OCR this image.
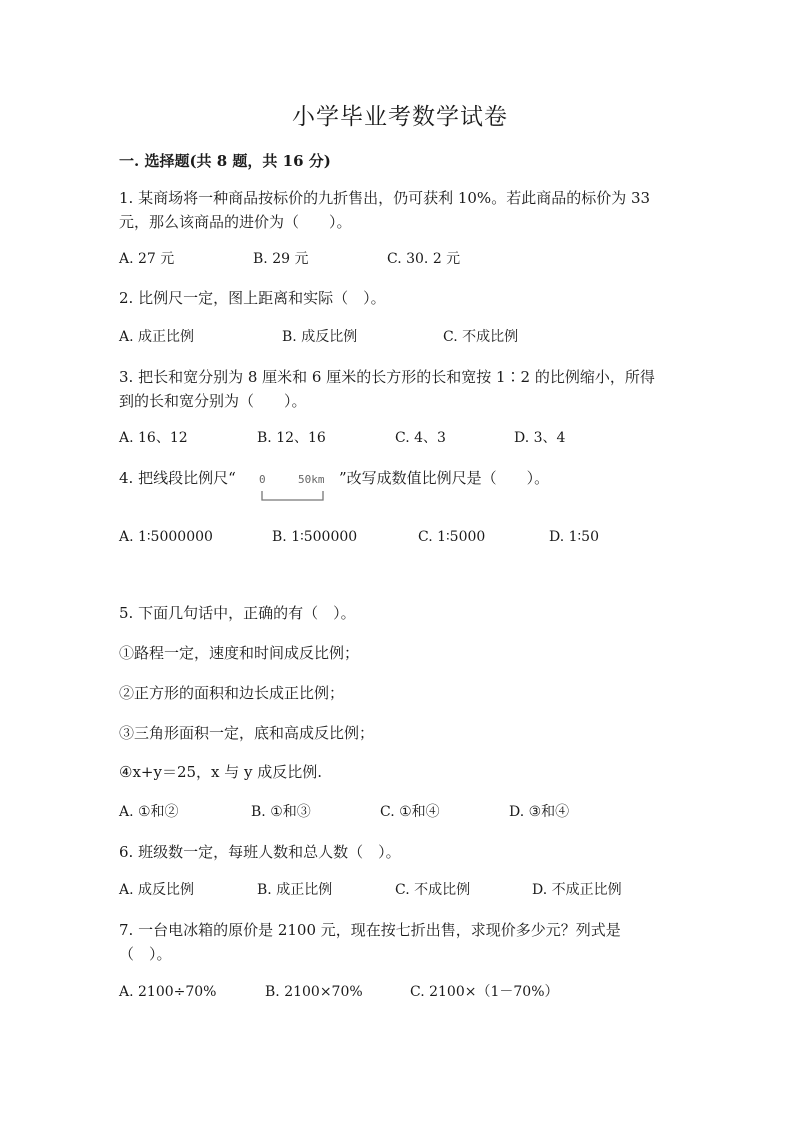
小学毕业考数学试卷
一. 选择题(共 8 题，共 16 分)
1. 某商场将一种商品按标价的九折售出，仍可获利 10%。若此商品的标价为 33
元，那么该商品的进价为（　　）。
A. 27 元	B. 29 元	C. 30. 2 元
2. 比例尺一定，图上距离和实际（　）。
A. 成正比例	B. 成反比例	C. 不成比例
3. 把长和宽分别为 8 厘米和 6 厘米的长方形的长和宽按 1∶2 的比例缩小，所得
到的长和宽分别为（　　）。
A. 16、12	B. 12、16	C. 4、3	D. 3、4
4. 把线段比例尺“ 0	50km ”改写成数值比例尺是（　　）。
A. 1∶5000000	B. 1∶500000	C. 1∶5000	D. 1∶50
5. 下面几句话中，正确的有（　）。
①路程一定，速度和时间成反比例；
②正方形的面积和边长成正比例；
③三角形面积一定，底和高成反比例；
④x+y＝25，x 与 y 成反比例.
A. ①和②	B. ①和③	C. ①和④	D. ③和④
6. 班级数一定，每班人数和总人数（　）。
A. 成反比例	B. 成正比例	C. 不成比例	D. 不成正比例
7. 一台电冰箱的原价是 2100 元，现在按七折出售，求现价多少元？列式是
（　）。
A. 2100÷70%	B. 2100×70%	C. 2100×（1－70%）
